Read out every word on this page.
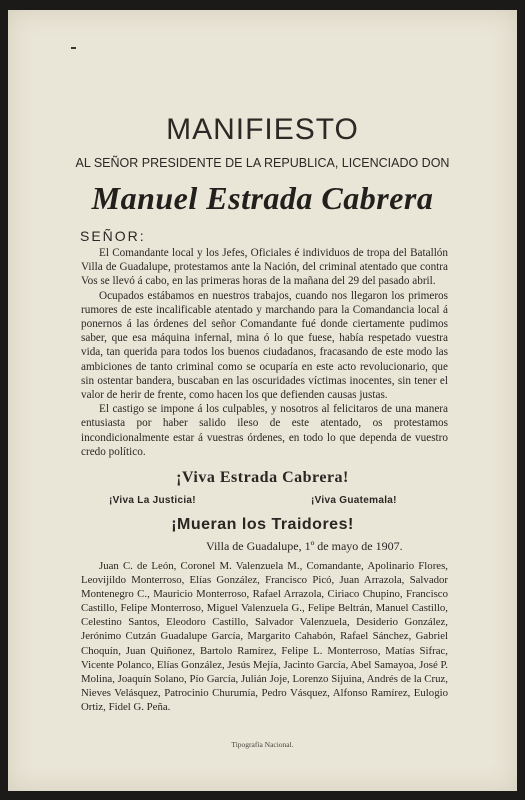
MANIFIESTO
AL SEÑOR PRESIDENTE DE LA REPUBLICA, LICENCIADO DON
Manuel Estrada Cabrera
SEÑOR:

El Comandante local y los Jefes, Oficiales é individuos de tropa del Batallón Villa de Guadalupe, protestamos ante la Nación, del criminal atentado que contra Vos se llevó á cabo, en las primeras horas de la mañana del 29 del pasado abril.

Ocupados estábamos en nuestros trabajos, cuando nos llegaron los primeros rumores de este incalificable atentado y marchando para la Comandancia local á ponernos á las órdenes del señor Comandante fué donde ciertamente pudimos saber, que esa máquina infernal, mina ó lo que fuese, había respetado vuestra vida, tan querida para todos los buenos ciudadanos, fracasando de este modo las ambiciones de tanto criminal como se ocuparía en este acto revolucionario, que sin ostentar bandera, buscaban en las oscuridades víctimas inocentes, sin tener el valor de herir de frente, como hacen los que defienden causas justas.

El castigo se impone á los culpables, y nosotros al felicitaros de una manera entusiasta por haber salido ileso de este atentado, os protestamos incondicionalmente estar á vuestras órdenes, en todo lo que dependa de vuestro credo político.

¡Viva Estrada Cabrera!
¡Viva La Justicia!	¡Viva Guatemala!
¡Mueran los Traidores!
Villa de Guadalupe, 1º de mayo de 1907.

Juan C. de León, Coronel M. Valenzuela M., Comandante, Apolinario Flores, Leovijildo Monterroso, Elías González, Francisco Picó, Juan Arrazola, Salvador Montenegro C., Mauricio Monterroso, Rafael Arrazola, Ciriaco Chupino, Francisco Castillo, Felipe Monterroso, Miguel Valenzuela G., Felipe Beltrán, Manuel Castillo, Celestino Santos, Eleodoro Castillo, Salvador Valenzuela, Desiderio González, Jerónimo Cutzán Guadalupe García, Margarito Cahabón, Rafael Sánchez, Gabriel Choquín, Juan Quiñonez, Bartolo Ramírez, Felipe L. Monterroso, Matías Sifrac, Vicente Polanco, Elías González, Jesús Mejía, Jacinto García, Abel Samayoa, José P. Molina, Joaquín Solano, Pío García, Julián Joje, Lorenzo Sijuina, Andrés de la Cruz, Nieves Velásquez, Patrocinio Churumía, Pedro Vásquez, Alfonso Ramírez, Eulogio Ortiz, Fidel G. Peña.

Tipografía Nacional.
